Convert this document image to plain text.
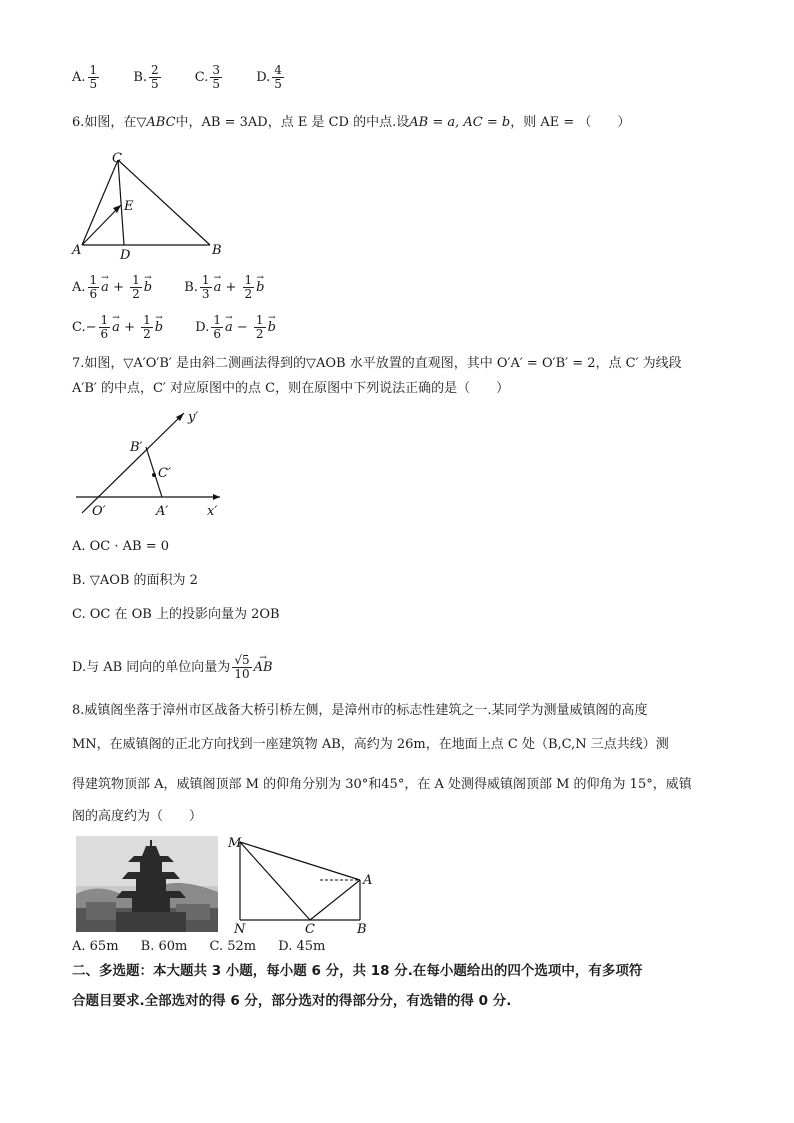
A. $\frac{1}{5}$	B. $\frac{2}{5}$	C. $\frac{3}{5}$	D. $\frac{4}{5}$
6.如图，在▽ABC中，AB = 3AD，点 E 是 CD 的中点.设AB = a, AC = b，则 AE = （　　）
C
E
A	D	B
A. $\frac{1}{6}$
→ $a + \frac{1}{2}$
→ b B. $\frac{1}{3}$
→ $a + \frac{1}{2}$
→ b
$C.- \frac{1}{6}$
→ $a + \frac{1}{2}$
→ b D. $\frac{1}{6}$
→ $a - \frac{1}{2}$
→ b
7.如图，▽A′O′B′ 是由斜二测画法得到的▽AOB 水平放置的直观图，其中 O′A′ = O′B′ = 2，点 C′ 为线段
A′B′ 的中点，C′ 对应原图中的点 C，则在原图中下列说法正确的是（　　）
y′
B′
C′
O′	A′	x′
A. OC · AB = 0
B. ▽AOB 的面积为 2
C. OC 在 OB 上的投影向量为 2OB
D.与 AB 同向的单位向量为 $\frac{√5}{10}$
→ AB
8.威镇阁坐落于漳州市区战备大桥引桥左侧，是漳州市的标志性建筑之一.某同学为测量威镇阁的高度
MN，在威镇阁的正北方向找到一座建筑物 AB，高约为 26m，在地面上点 C 处（B,C,N 三点共线）测
得建筑物顶部 A，威镇阁顶部 M 的仰角分别为 30°和45°，在 A 处测得威镇阁顶部 M 的仰角为 15°，威镇
阁的高度约为（　　）
M
A
N	C	B
A. 65m B. 60m C. 52m D. 45m
二、多选题：本大题共 3 小题，每小题 6 分，共 18 分.在每小题给出的四个选项中，有多项符
合题目要求.全部选对的得 6 分，部分选对的得部分分，有选错的得 0 分.
